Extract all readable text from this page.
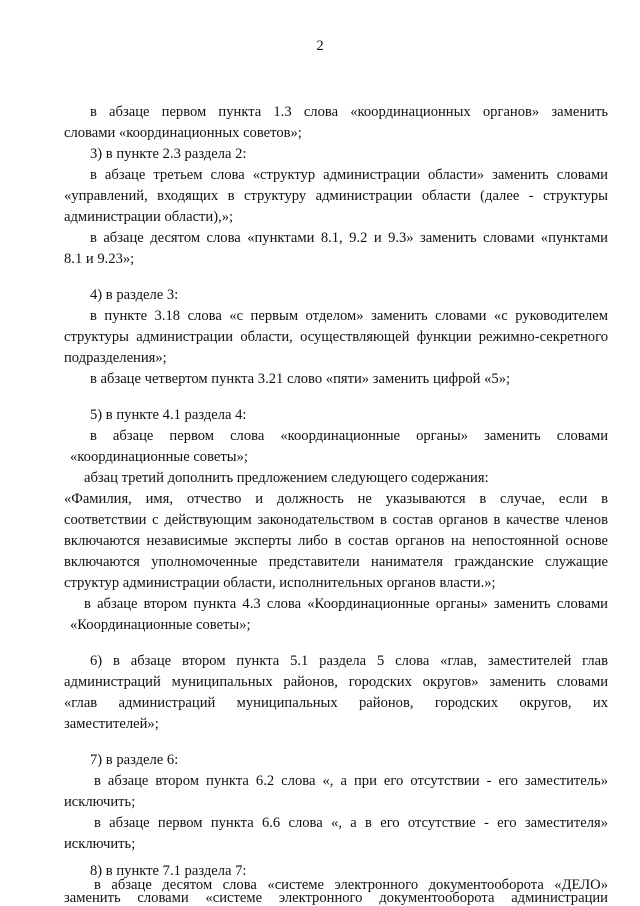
2
в абзаце первом пункта 1.3 слова «координационных органов» заменить
словами «координационных советов»;
3) в пункте 2.3 раздела 2:
в абзаце третьем слова «структур администрации области» заменить словами
«управлений, входящих в структуру администрации области (далее - структуры
администрации области),»;
в абзаце десятом слова «пунктами 8.1, 9.2 и 9.3» заменить словами «пунктами
8.1 и 9.23»;
4) в разделе 3:
в пункте 3.18 слова «с первым отделом» заменить словами «с руководителем
структуры администрации области, осуществляющей функции режимно-секретного
подразделения»;
в абзаце четвертом пункта 3.21 слово «пяти» заменить цифрой «5»;
5) в пункте 4.1 раздела 4:
в абзаце первом слова «координационные органы» заменить словами
«координационные советы»;
абзац третий дополнить предложением следующего содержания:
«Фамилия, имя, отчество и должность не указываются в случае, если в
соответствии с действующим законодательством в состав органов в качестве членов
включаются независимые эксперты либо в состав органов на непостоянной основе
включаются уполномоченные представители нанимателя гражданские служащие
структур администрации области, исполнительных органов власти.»;
в абзаце втором пункта 4.3 слова «Координационные органы» заменить словами
«Координационные советы»;
6) в абзаце втором пункта 5.1 раздела 5 слова «глав, заместителей глав
администраций муниципальных районов, городских округов» заменить словами
«глав администраций муниципальных районов, городских округов, их
заместителей»;
7) в разделе 6:
в абзаце втором пункта 6.2 слова «, а при его отсутствии - его заместитель»
исключить;
в абзаце первом пункта 6.6 слова «, а в его отсутствие - его заместителя»
исключить;
8) в пункте 7.1 раздела 7:
в абзаце десятом слова «системе электронного документооборота «ДЕЛО»
заменить словами «системе электронного документооборота администрации
